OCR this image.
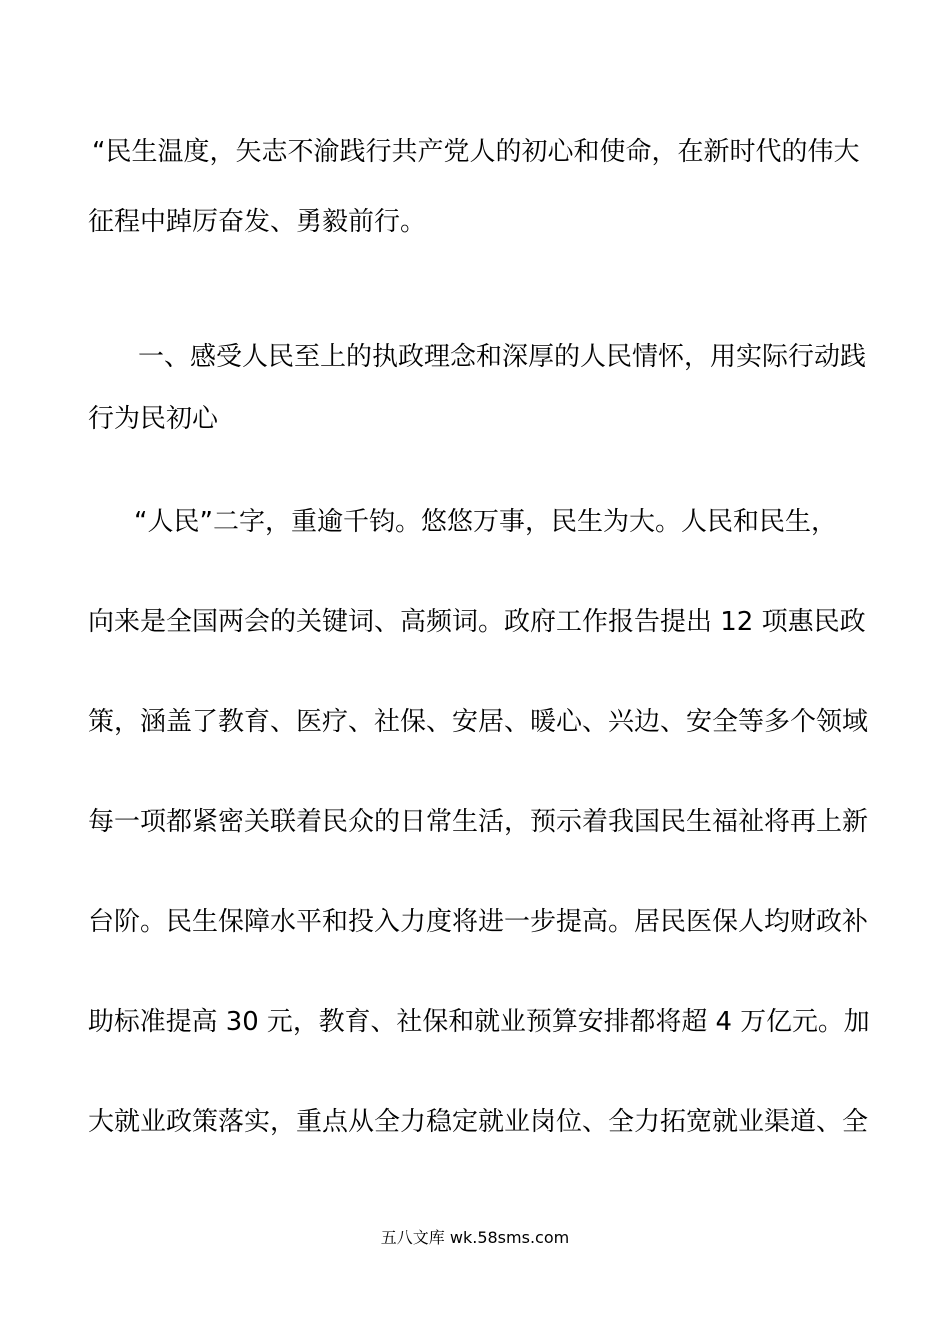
“民生温度，矢志不渝践行共产党人的初心和使命，在新时代的伟大
征程中踔厉奋发、勇毅前行。
一、感受人民至上的执政理念和深厚的人民情怀，用实际行动践
行为民初心
“人民”二字，重逾千钧。悠悠万事，民生为大。人民和民生，
向来是全国两会的关键词、高频词。政府工作报告提出 12 项惠民政
策，涵盖了教育、医疗、社保、安居、暖心、兴边、安全等多个领域
每一项都紧密关联着民众的日常生活，预示着我国民生福祉将再上新
台阶。民生保障水平和投入力度将进一步提高。居民医保人均财政补
助标准提高 30 元，教育、社保和就业预算安排都将超 4 万亿元。加
大就业政策落实，重点从全力稳定就业岗位、全力拓宽就业渠道、全
五八文库 wk.58sms.com
